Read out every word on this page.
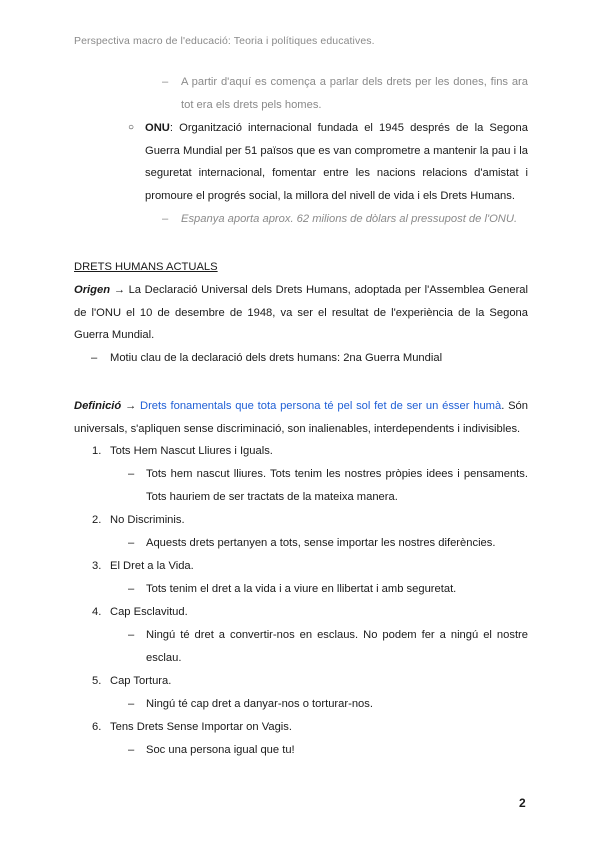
Perspectiva macro de l'educació: Teoria i polítiques educatives.
– A partir d'aquí es comença a parlar dels drets per les dones, fins ara tot era els drets pels homes.
○ ONU: Organització internacional fundada el 1945 després de la Segona Guerra Mundial per 51 països que es van comprometre a mantenir la pau i la seguretat internacional, fomentar entre les nacions relacions d'amistat i promoure el progrés social, la millora del nivell de vida i els Drets Humans.
– Espanya aporta aprox. 62 milions de dòlars al pressupost de l'ONU.
DRETS HUMANS ACTUALS
Origen → La Declaració Universal dels Drets Humans, adoptada per l'Assemblea General de l'ONU el 10 de desembre de 1948, va ser el resultat de l'experiència de la Segona Guerra Mundial.
– Motiu clau de la declaració dels drets humans: 2na Guerra Mundial
Definició → Drets fonamentals que tota persona té pel sol fet de ser un ésser humà. Són universals, s'apliquen sense discriminació, son inalienables, interdependents i indivisibles.
1. Tots Hem Nascut Lliures i Iguals.
– Tots hem nascut lliures. Tots tenim les nostres pròpies idees i pensaments. Tots hauriem de ser tractats de la mateixa manera.
2. No Discriminis.
– Aquests drets pertanyen a tots, sense importar les nostres diferències.
3. El Dret a la Vida.
– Tots tenim el dret a la vida i a viure en llibertat i amb seguretat.
4. Cap Esclavitud.
– Ningú té dret a convertir-nos en esclaus. No podem fer a ningú el nostre esclau.
5. Cap Tortura.
– Ningú té cap dret a danyar-nos o torturar-nos.
6. Tens Drets Sense Importar on Vagis.
– Soc una persona igual que tu!
2
